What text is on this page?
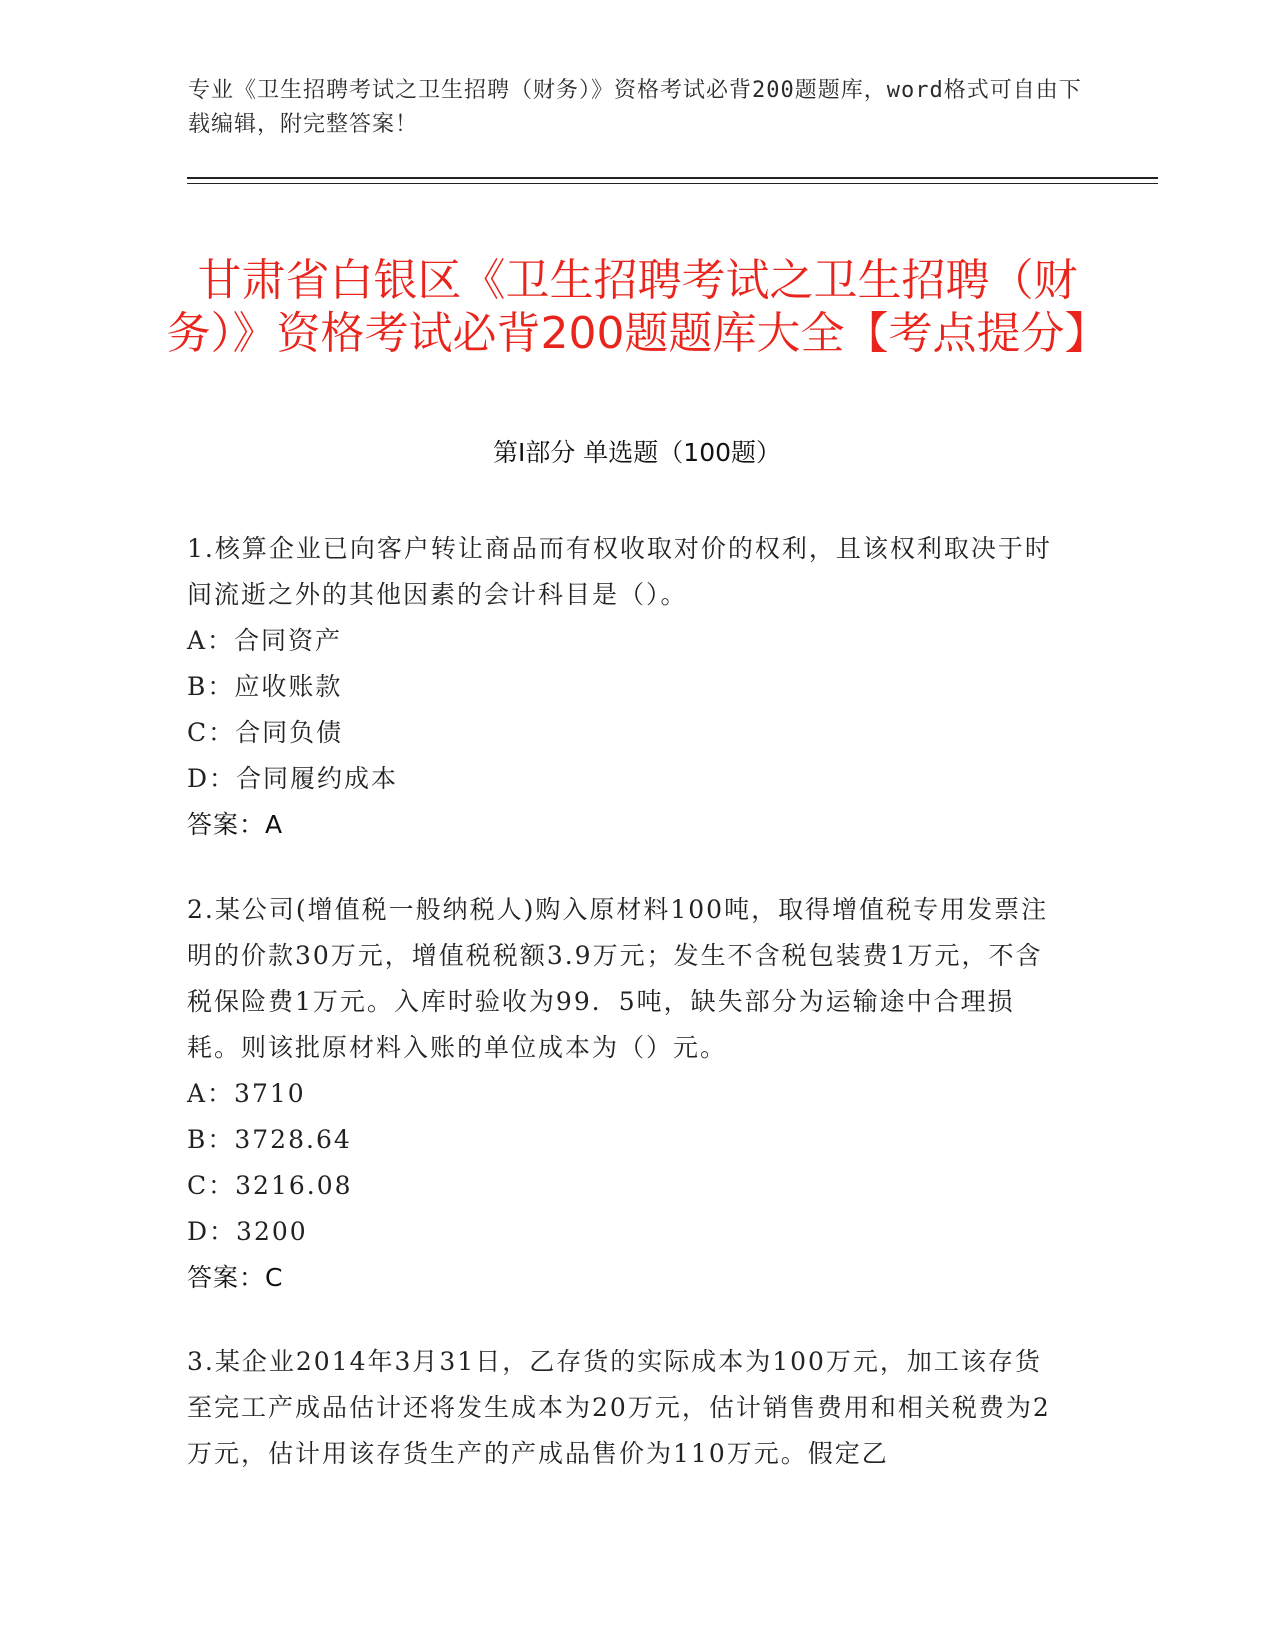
专业《卫生招聘考试之卫生招聘（财务）》资格考试必背200题题库，word格式可自由下载编辑，附完整答案！
甘肃省白银区《卫生招聘考试之卫生招聘（财务）》资格考试必背200题题库大全【考点提分】
第I部分 单选题（100题）

1.核算企业已向客户转让商品而有权收取对价的权利，且该权利取决于时间流逝之外的其他因素的会计科目是（）。

A：合同资产

B：应收账款

C：合同负债

D：合同履约成本

答案：A

2.某公司(增值税一般纳税人)购入原材料100吨，取得增值税专用发票注明的价款30万元，增值税税额3.9万元；发生不含税包装费1万元，不含税保险费1万元。入库时验收为99．5吨，缺失部分为运输途中合理损耗。则该批原材料入账的单位成本为（）元。

A：3710

B：3728.64

C：3216.08

D：3200

答案：C

3.某企业2014年3月31日，乙存货的实际成本为100万元，加工该存货至完工产成品估计还将发生成本为20万元，估计销售费用和相关税费为2万元，估计用该存货生产的产成品售价为110万元。假定乙
